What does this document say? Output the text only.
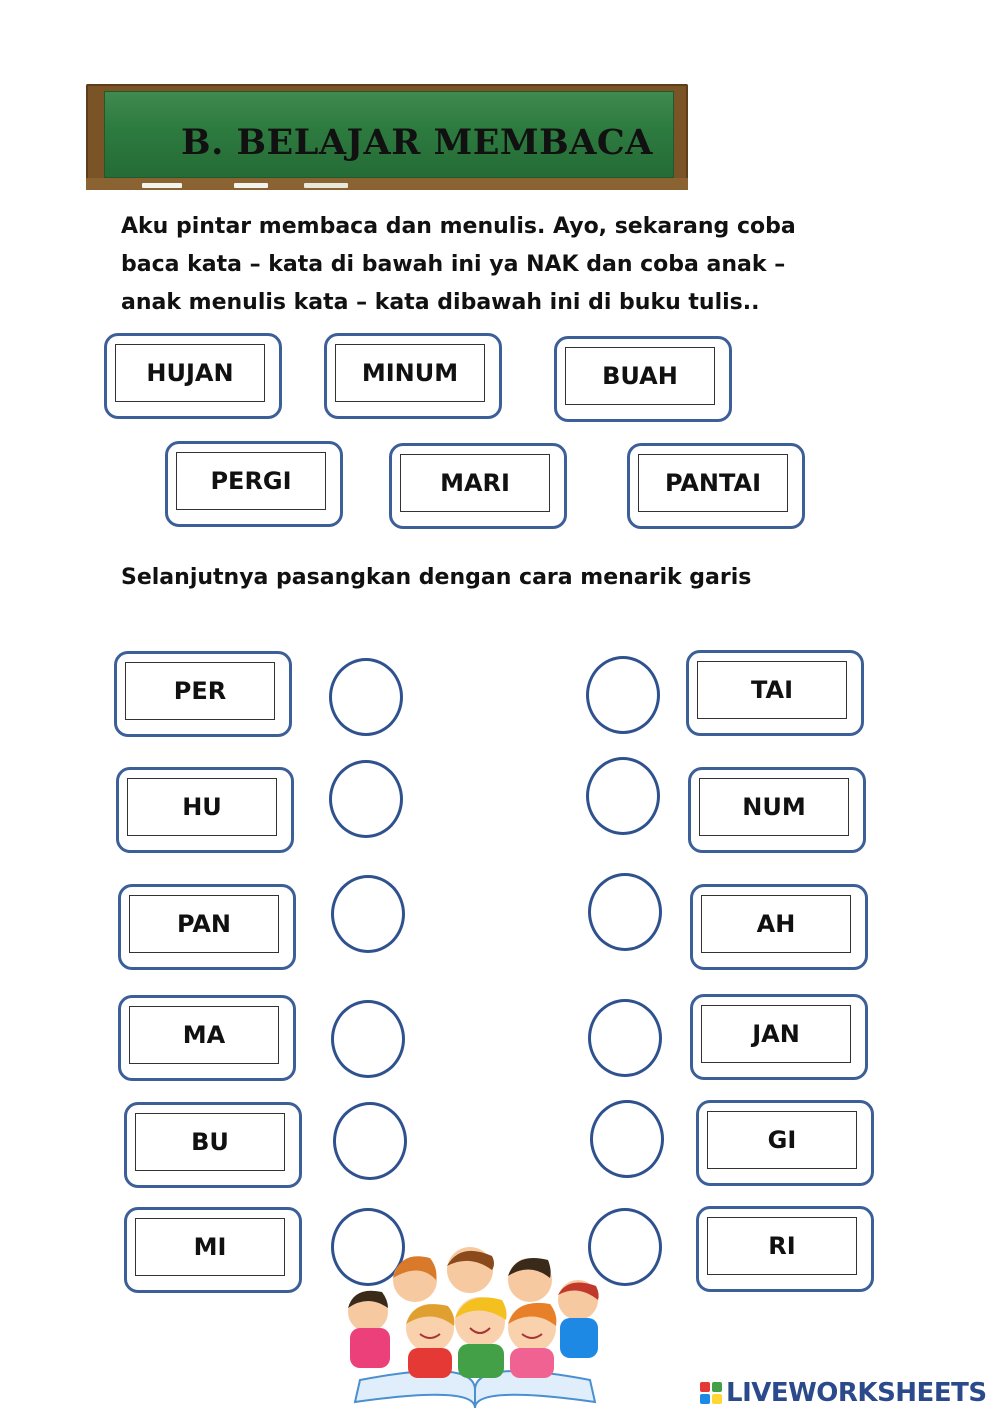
B. BELAJAR MEMBACA
Aku pintar membaca dan menulis. Ayo, sekarang coba
baca kata – kata di bawah ini ya NAK dan coba anak –
anak menulis kata – kata dibawah ini di buku tulis..
HUJAN	MINUM	BUAH
PERGI	MARI	PANTAI
Selanjutnya pasangkan dengan cara menarik garis
PER
HU
PAN
MA
BU
MI
TAI
NUM
AH
JAN
GI
RI
LIVEWORKSHEETS
